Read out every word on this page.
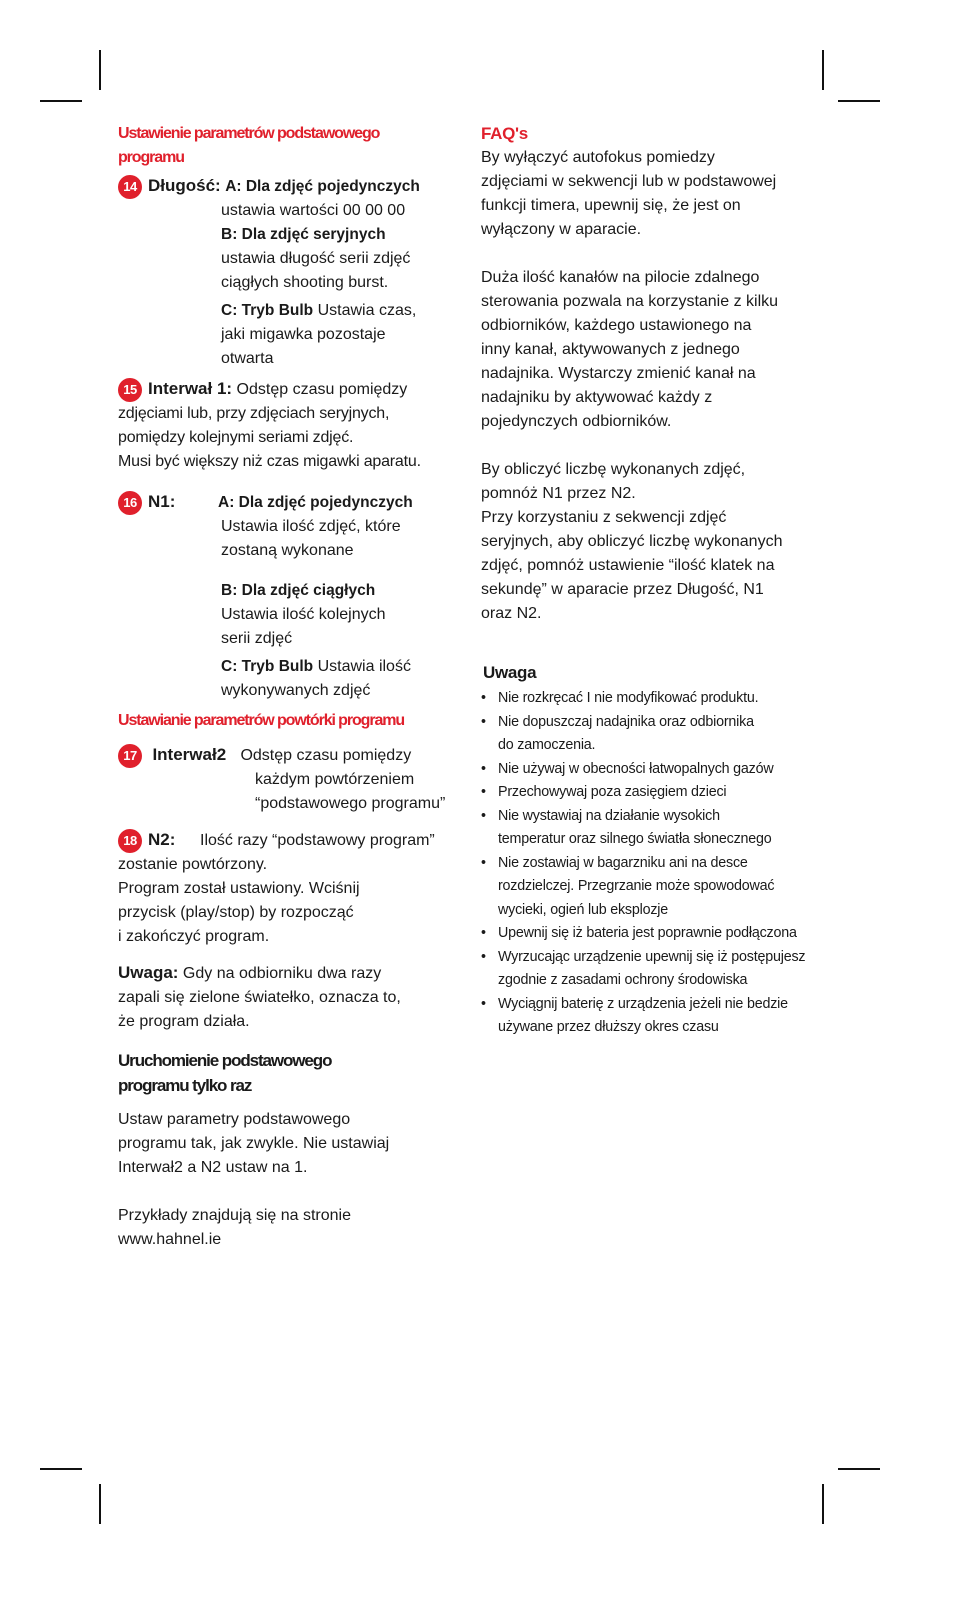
Ustawienie parametrów podstawowego programu
14 Długość: A: Dla zdjęć pojedynczych
ustawia wartości 00 00 00
B: Dla zdjęć seryjnych
ustawia długość serii zdjęć
ciągłych shooting burst.
C: Tryb Bulb Ustawia czas,
jaki migawka pozostaje
otwarta
15 Interwał 1: Odstęp czasu pomiędzy
zdjęciami lub, przy zdjęciach seryjnych,
pomiędzy kolejnymi seriami zdjęć.
Musi być większy niż czas migawki aparatu.
16 N1:	A: Dla zdjęć pojedynczych
Ustawia ilość zdjęć, które
zostaną wykonane
B: Dla zdjęć ciągłych
Ustawia ilość kolejnych
serii zdjęć
C: Tryb Bulb Ustawia ilość
wykonywanych zdjęć
Ustawianie parametrów powtórki programu
17 Interwał2 Odstęp czasu pomiędzy
każdym powtórzeniem
“podstawowego programu”
18 N2: Ilość razy “podstawowy program”
zostanie powtórzony.
Program został ustawiony. Wciśnij
przycisk (play/stop) by rozpocząć
i zakończyć program.
Uwaga: Gdy na odbiorniku dwa razy
zapali się zielone światełko, oznacza to,
że program działa.
Uruchomienie podstawowego
programu tylko raz
Ustaw parametry podstawowego
programu tak, jak zwykle. Nie ustawiaj
Interwał2 a N2 ustaw na 1.
Przykłady znajdują się na stronie
www.hahnel.ie
FAQ's
By wyłączyć autofokus pomiedzy
zdjęciami w sekwencji lub w podstawowej
funkcji timera, upewnij się, że jest on
wyłączony w aparacie.
Duża ilość kanałów na pilocie zdalnego
sterowania pozwala na korzystanie z kilku
odbiorników, każdego ustawionego na
inny kanał, aktywowanych z jednego
nadajnika. Wystarczy zmienić kanał na
nadajniku by aktywować każdy z
pojedynczych odbiorników.
By obliczyć liczbę wykonanych zdjęć,
pomnóż N1 przez N2.
Przy korzystaniu z sekwencji zdjęć
seryjnych, aby obliczyć liczbę wykonanych
zdjęć, pomnóż ustawienie “ilość klatek na
sekundę” w aparacie przez Długość, N1
oraz N2.
Uwaga
• Nie rozkręcać I nie modyfikować produktu.
• Nie dopuszczaj nadajnika oraz odbiornika
do zamoczenia.
• Nie używaj w obecności łatwopalnych gazów
• Przechowywaj poza zasięgiem dzieci
• Nie wystawiaj na działanie wysokich
temperatur oraz silnego światła słonecznego
• Nie zostawiaj w bagarzniku ani na desce
rozdzielczej. Przegrzanie może spowodować
wycieki, ogień lub eksplozje
• Upewnij się iż bateria jest poprawnie podłączona
• Wyrzucając urządzenie upewnij się iż postępujesz
zgodnie z zasadami ochrony środowiska
• Wyciągnij baterię z urządzenia jeżeli nie bedzie
używane przez dłuższy okres czasu
